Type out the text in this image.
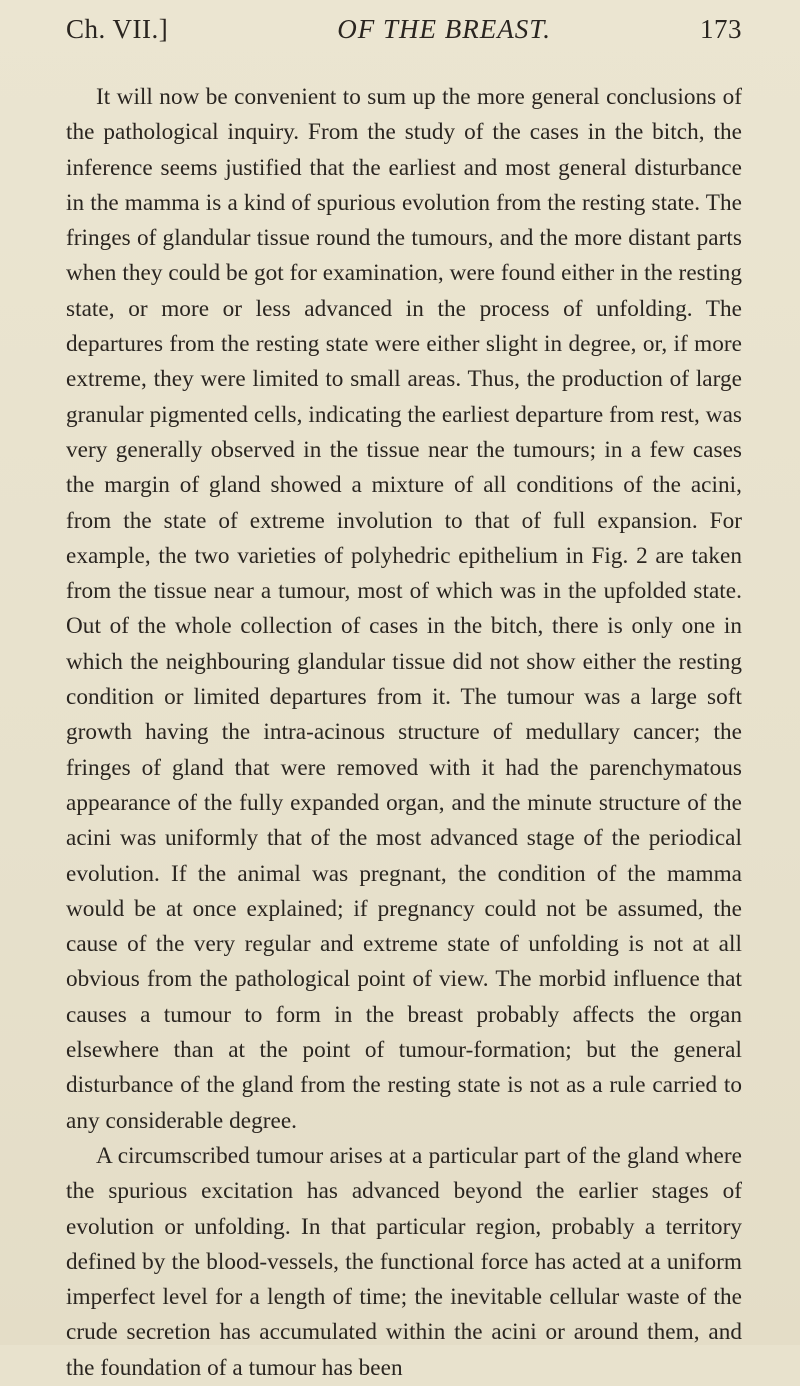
Ch. VII.]	OF THE BREAST.	173

It will now be convenient to sum up the more general conclusions of the pathological inquiry. From the study of the cases in the bitch, the inference seems justified that the earliest and most general disturbance in the mamma is a kind of spurious evolution from the resting state. The fringes of glandular tissue round the tumours, and the more distant parts when they could be got for examination, were found either in the resting state, or more or less advanced in the process of unfolding. The departures from the resting state were either slight in degree, or, if more extreme, they were limited to small areas. Thus, the production of large granular pigmented cells, indicating the earliest departure from rest, was very generally observed in the tissue near the tumours; in a few cases the margin of gland showed a mixture of all conditions of the acini, from the state of extreme involution to that of full expansion. For example, the two varieties of polyhedric epithelium in Fig. 2 are taken from the tissue near a tumour, most of which was in the upfolded state. Out of the whole collection of cases in the bitch, there is only one in which the neighbouring glandular tissue did not show either the resting condition or limited departures from it. The tumour was a large soft growth having the intra-acinous structure of medullary cancer; the fringes of gland that were removed with it had the parenchymatous appearance of the fully expanded organ, and the minute structure of the acini was uniformly that of the most advanced stage of the periodical evolution. If the animal was pregnant, the condition of the mamma would be at once explained; if pregnancy could not be assumed, the cause of the very regular and extreme state of unfolding is not at all obvious from the pathological point of view. The morbid influence that causes a tumour to form in the breast probably affects the organ elsewhere than at the point of tumour-formation; but the general disturbance of the gland from the resting state is not as a rule carried to any considerable degree.

A circumscribed tumour arises at a particular part of the gland where the spurious excitation has advanced beyond the earlier stages of evolution or unfolding. In that particular region, probably a territory defined by the blood-vessels, the functional force has acted at a uniform imperfect level for a length of time; the inevitable cellular waste of the crude secretion has accumulated within the acini or around them, and the foundation of a tumour has been
